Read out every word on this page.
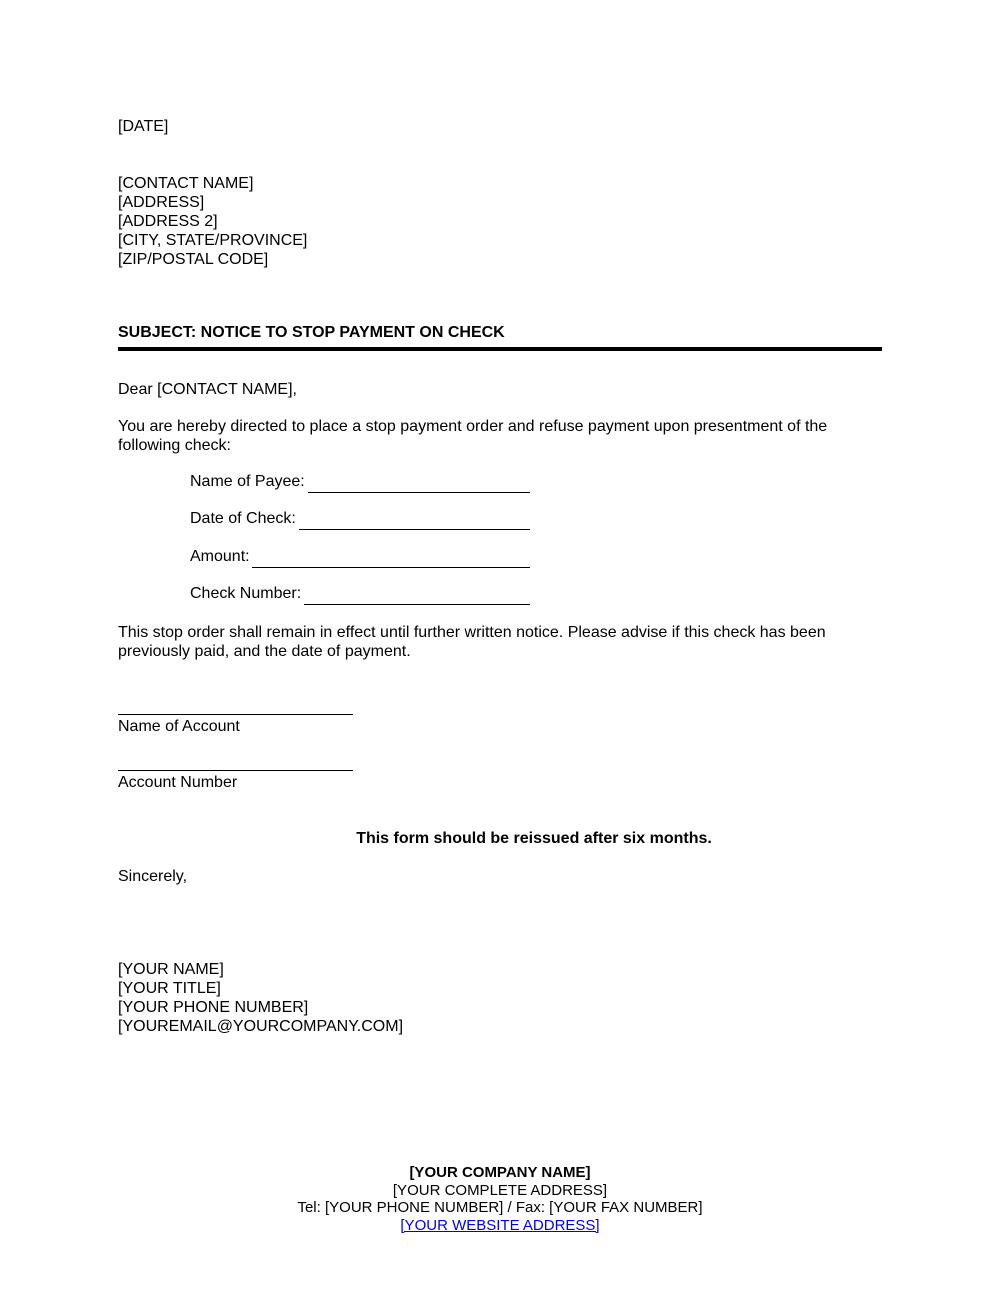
[DATE]
[CONTACT NAME]
[ADDRESS]
[ADDRESS 2]
[CITY, STATE/PROVINCE]
[ZIP/POSTAL CODE]
SUBJECT: NOTICE TO STOP PAYMENT ON CHECK
Dear [CONTACT NAME],
You are hereby directed to place a stop payment order and refuse payment upon presentment of the
following check:
Name of Payee:
Date of Check:
Amount:
Check Number:
This stop order shall remain in effect until further written notice. Please advise if this check has been
previously paid, and the date of payment.
Name of Account
Account Number
This form should be reissued after six months.
Sincerely,
[YOUR NAME]
[YOUR TITLE]
[YOUR PHONE NUMBER]
[YOUREMAIL@YOURCOMPANY.COM]
[YOUR COMPANY NAME]
[YOUR COMPLETE ADDRESS]
Tel: [YOUR PHONE NUMBER] / Fax: [YOUR FAX NUMBER]
[YOUR WEBSITE ADDRESS]
